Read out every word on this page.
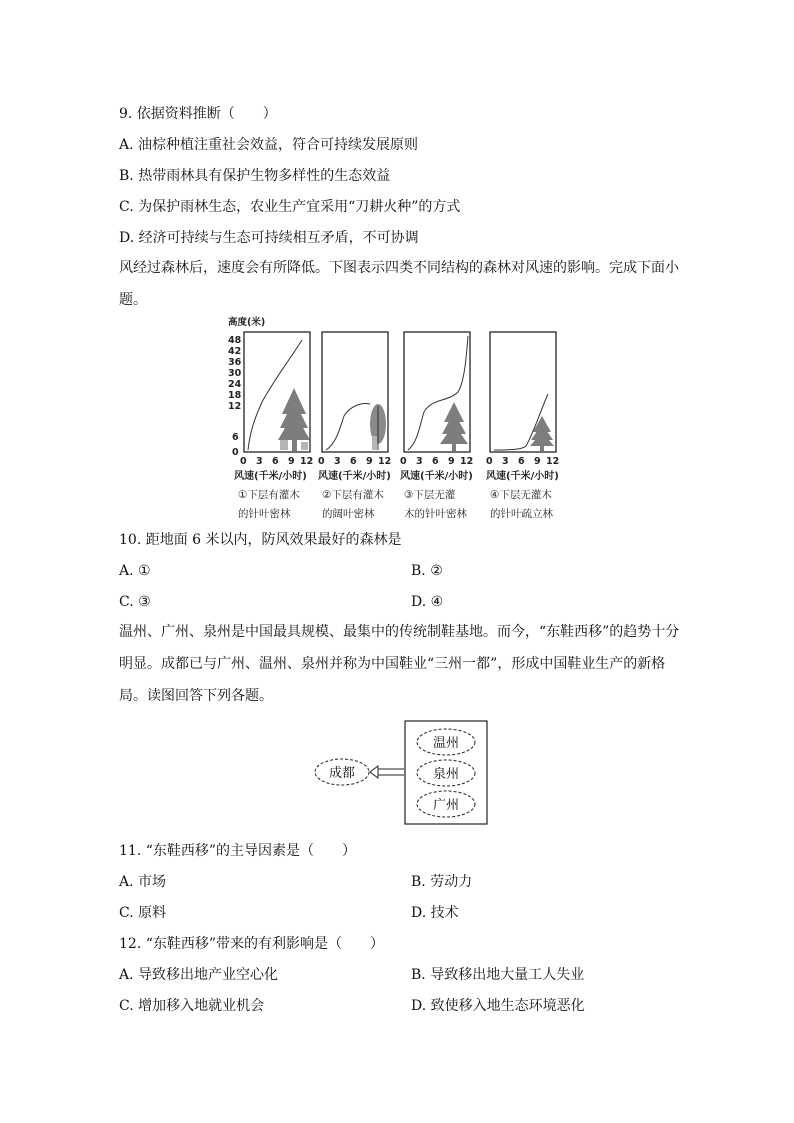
9. 依据资料推断（　　）
A. 油棕种植注重社会效益，符合可持续发展原则
B. 热带雨林具有保护生物多样性的生态效益
C. 为保护雨林生态，农业生产宜采用“刀耕火种”的方式
D. 经济可持续与生态可持续相互矛盾，不可协调
风经过森林后，速度会有所降低。下图表示四类不同结构的森林对风速的影响。完成下面小题。
高度(米)
48
42
36
30
24
18
12
6
0
0 3 6 9 12 0 3 6 9 12 0 3 6 9 12 0 3 6 9 12
风速(千米/小时) 风速(千米/小时) 风速(千米/小时) 风速(千米/小时)
①下层有灌木
的针叶密林
②下层有灌木
的阔叶密林
③下层无灌
木的针叶密林
④下层无灌木
的针叶疏立林
10. 距地面 6 米以内，防风效果最好的森林是
A. ①	B. ②
C. ③	D. ④
温州、广州、泉州是中国最具规模、最集中的传统制鞋基地。而今，“东鞋西移”的趋势十分明显。成都已与广州、温州、泉州并称为中国鞋业“三州一都”，形成中国鞋业生产的新格局。读图回答下列各题。
成都
温州
泉州
广州
11. “东鞋西移”的主导因素是（　　）
A. 市场	B. 劳动力
C. 原料	D. 技术
12. “东鞋西移”带来的有利影响是（　　）
A. 导致移出地产业空心化	B. 导致移出地大量工人失业
C. 增加移入地就业机会	D. 致使移入地生态环境恶化
